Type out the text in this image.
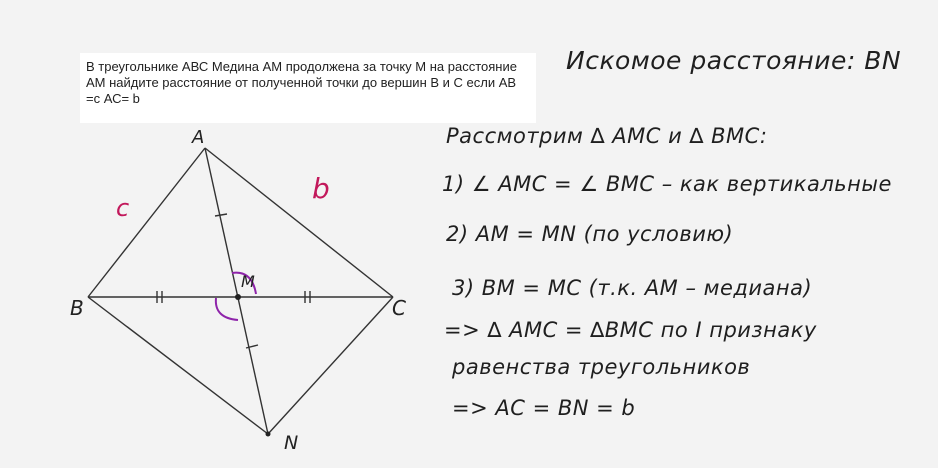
В треугольнике АВС Медина АМ продолжена за точку М на расстояние АМ найдите расстояние от полученной точки до вершин В и С если АВ =с АС= b
A
B	C
M
N
c
b
Искомое расстояние: BN
Рассмотрим ∆ АМС и ∆ ВМС:
1) ∠ АМС = ∠ ВМС – как вертикальные
2) АМ = МN (по условию)
3) ВМ = МС (т.к. АМ – медиана)
=> ∆ АМС = ∆ВМС по I признаку
равенства треугольников
=> АС = ВN = b
